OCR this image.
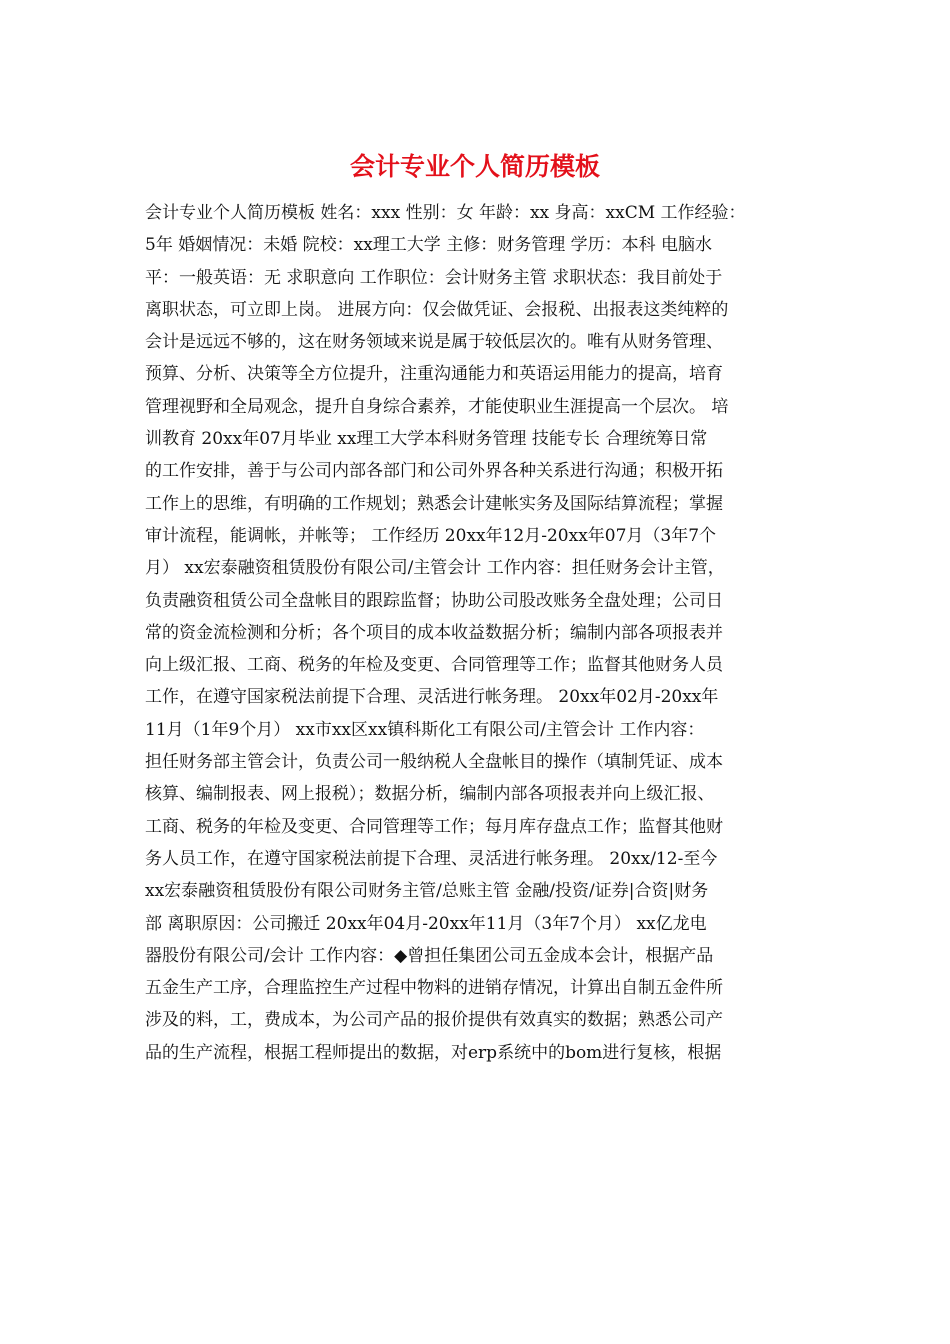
会计专业个人简历模板
会计专业个人简历模板 姓名：xxx 性别：女 年龄：xx 身高：xxCM 工作经验：
5年 婚姻情况：未婚 院校：xx理工大学 主修：财务管理 学历：本科 电脑水
平：一般英语：无 求职意向 工作职位：会计财务主管 求职状态：我目前处于
离职状态，可立即上岗。 进展方向：仅会做凭证、会报税、出报表这类纯粹的
会计是远远不够的，这在财务领域来说是属于较低层次的。唯有从财务管理、
预算、分析、决策等全方位提升，注重沟通能力和英语运用能力的提高，培育
管理视野和全局观念，提升自身综合素养，才能使职业生涯提高一个层次。 培
训教育 20xx年07月毕业 xx理工大学本科财务管理 技能专长 合理统筹日常
的工作安排，善于与公司内部各部门和公司外界各种关系进行沟通；积极开拓
工作上的思维，有明确的工作规划；熟悉会计建帐实务及国际结算流程；掌握
审计流程，能调帐，并帐等； 工作经历 20xx年12月-20xx年07月（3年7个
月） xx宏泰融资租赁股份有限公司/主管会计 工作内容：担任财务会计主管，
负责融资租赁公司全盘帐目的跟踪监督；协助公司股改账务全盘处理；公司日
常的资金流检测和分析；各个项目的成本收益数据分析；编制内部各项报表并
向上级汇报、工商、税务的年检及变更、合同管理等工作；监督其他财务人员
工作，在遵守国家税法前提下合理、灵活进行帐务理。 20xx年02月-20xx年
11月（1年9个月） xx市xx区xx镇科斯化工有限公司/主管会计 工作内容：
担任财务部主管会计，负责公司一般纳税人全盘帐目的操作（填制凭证、成本
核算、编制报表、网上报税）；数据分析，编制内部各项报表并向上级汇报、
工商、税务的年检及变更、合同管理等工作；每月库存盘点工作；监督其他财
务人员工作，在遵守国家税法前提下合理、灵活进行帐务理。 20xx/12-至今
xx宏泰融资租赁股份有限公司财务主管/总账主管 金融/投资/证券|合资|财务
部 离职原因：公司搬迁 20xx年04月-20xx年11月（3年7个月） xx亿龙电
器股份有限公司/会计 工作内容：◆曾担任集团公司五金成本会计，根据产品
五金生产工序，合理监控生产过程中物料的进销存情况，计算出自制五金件所
涉及的料，工，费成本，为公司产品的报价提供有效真实的数据；熟悉公司产
品的生产流程，根据工程师提出的数据，对erp系统中的bom进行复核，根据
